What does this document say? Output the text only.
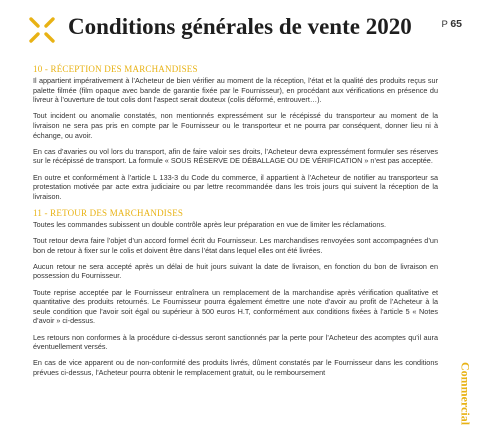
Conditions générales de vente 2020	P 65
10 - RÉCEPTION DES MARCHANDISES

Il appartient impérativement à l’Acheteur de bien vérifier au moment de la réception, l’état et la qualité des produits reçus sur palette filmée (film opaque avec bande de garantie fixée par le Fournisseur), en procédant aux vérifications en présence du livreur à l’ouverture de tout colis dont l’aspect serait douteux (colis déformé, entrouvert…).

Tout incident ou anomalie constatés, non mentionnés expressément sur le récépissé du transporteur au moment de la livraison ne sera pas pris en compte par le Fournisseur ou le transporteur et ne pourra par conséquent, donner lieu ni à échange, ou avoir.

En cas d’avaries ou vol lors du transport, afin de faire valoir ses droits, l’Acheteur devra expressément formuler ses réserves sur le récépissé de transport. La formule « SOUS RÉSERVE DE DÉBALLAGE OU DE VÉRIFICATION » n’est pas acceptée.

En outre et conformément à l’article L 133-3 du Code du commerce, il appartient à l’Acheteur de notifier au transporteur sa protestation motivée par acte extra judiciaire ou par lettre recommandée dans les trois jours qui suivent la réception de la livraison.

11 - RETOUR DES MARCHANDISES

Toutes les commandes subissent un double contrôle après leur préparation en vue de limiter les réclamations.

Tout retour devra faire l’objet d’un accord formel écrit du Fournisseur. Les marchandises renvoyées sont accompagnées d’un bon de retour à fixer sur le colis et doivent être dans l’état dans lequel elles ont été livrées.

Aucun retour ne sera accepté après un délai de huit jours suivant la date de livraison, en fonction du bon de livraison en possession du Fournisseur.

Toute reprise acceptée par le Fournisseur entraînera un remplacement de la marchandise après vérification qualitative et quantitative des produits retournés. Le Fournisseur pourra également émettre une note d’avoir au profit de l’Acheteur à la seule condition que l’avoir soit égal ou supérieur à 500 euros H.T, conformément aux conditions fixées à l’article 5 « Notes d’avoir » ci-dessus.

Les retours non conformes à la procédure ci-dessus seront sanctionnés par la perte pour l’Acheteur des acomptes qu’il aura éventuellement versés.

En cas de vice apparent ou de non-conformité des produits livrés, dûment constatés par le Fournisseur dans les conditions prévues ci-dessus, l’Acheteur pourra obtenir le remplacement gratuit, ou le remboursement	Commercial
